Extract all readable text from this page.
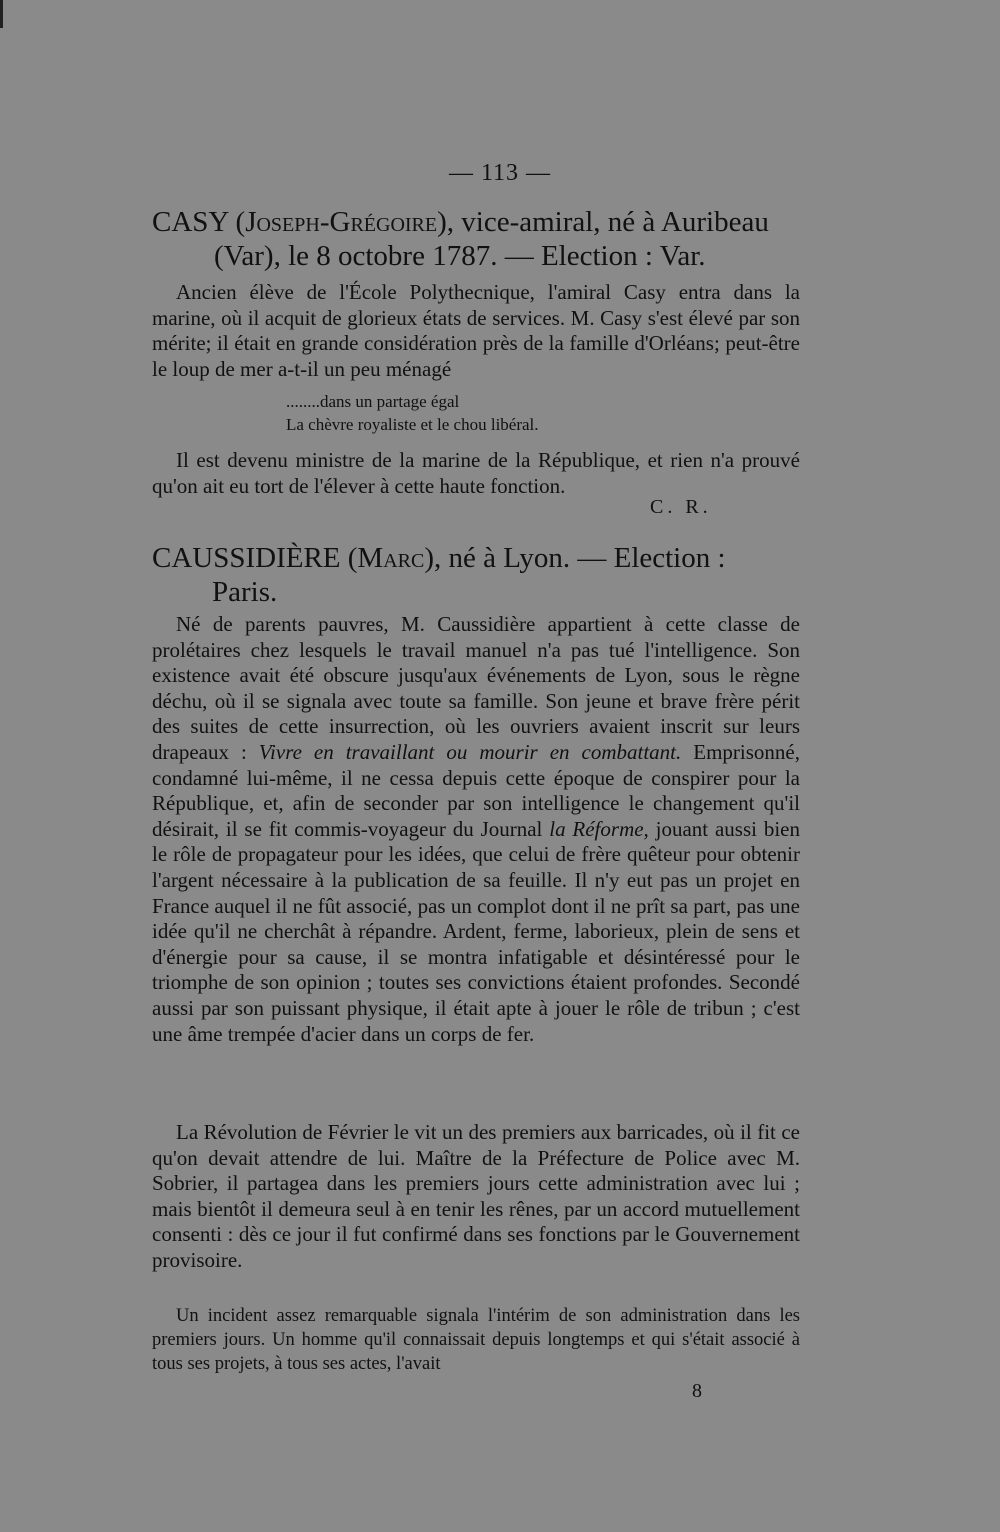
— 113 —
CASY (Joseph-Grégoire), vice-amiral, né à Auribeau
(Var), le 8 octobre 1787. — Election : Var.

Ancien élève de l'École Polythecnique, l'amiral Casy entra dans la marine, où il acquit de glorieux états de services. M. Casy s'est élevé par son mérite; il était en grande considération près de la famille d'Orléans; peut-être le loup de mer a-t-il un peu ménagé

........dans un partage égal
La chèvre royaliste et le chou libéral.

Il est devenu ministre de la marine de la République, et rien n'a prouvé qu'on ait eu tort de l'élever à cette haute fonction.

C. R.
CAUSSIDIÈRE (Marc), né à Lyon. — Election :
Paris.

Né de parents pauvres, M. Caussidière appartient à cette classe de prolétaires chez lesquels le travail manuel n'a pas tué l'intelligence. Son existence avait été obscure jusqu'aux événements de Lyon, sous le règne déchu, où il se signala avec toute sa famille. Son jeune et brave frère périt des suites de cette insurrection, où les ouvriers avaient inscrit sur leurs drapeaux : Vivre en travaillant ou mourir en combattant. Emprisonné, condamné lui-même, il ne cessa depuis cette époque de conspirer pour la République, et, afin de seconder par son intelligence le changement qu'il désirait, il se fit commis-voyageur du Journal la Réforme, jouant aussi bien le rôle de propagateur pour les idées, que celui de frère quêteur pour obtenir l'argent nécessaire à la publication de sa feuille. Il n'y eut pas un projet en France auquel il ne fût associé, pas un complot dont il ne prît sa part, pas une idée qu'il ne cherchât à répandre. Ardent, ferme, laborieux, plein de sens et d'énergie pour sa cause, il se montra infatigable et désintéressé pour le triomphe de son opinion ; toutes ses convictions étaient profondes. Secondé aussi par son puissant physique, il était apte à jouer le rôle de tribun ; c'est une âme trempée d'acier dans un corps de fer.

La Révolution de Février le vit un des premiers aux barricades, où il fit ce qu'on devait attendre de lui. Maître de la Préfecture de Police avec M. Sobrier, il partagea dans les premiers jours cette administration avec lui ; mais bientôt il demeura seul à en tenir les rênes, par un accord mutuellement consenti : dès ce jour il fut confirmé dans ses fonctions par le Gouvernement provisoire.

Un incident assez remarquable signala l'intérim de son administration dans les premiers jours. Un homme qu'il connaissait depuis longtemps et qui s'était associé à tous ses projets, à tous ses actes, l'avait

8
